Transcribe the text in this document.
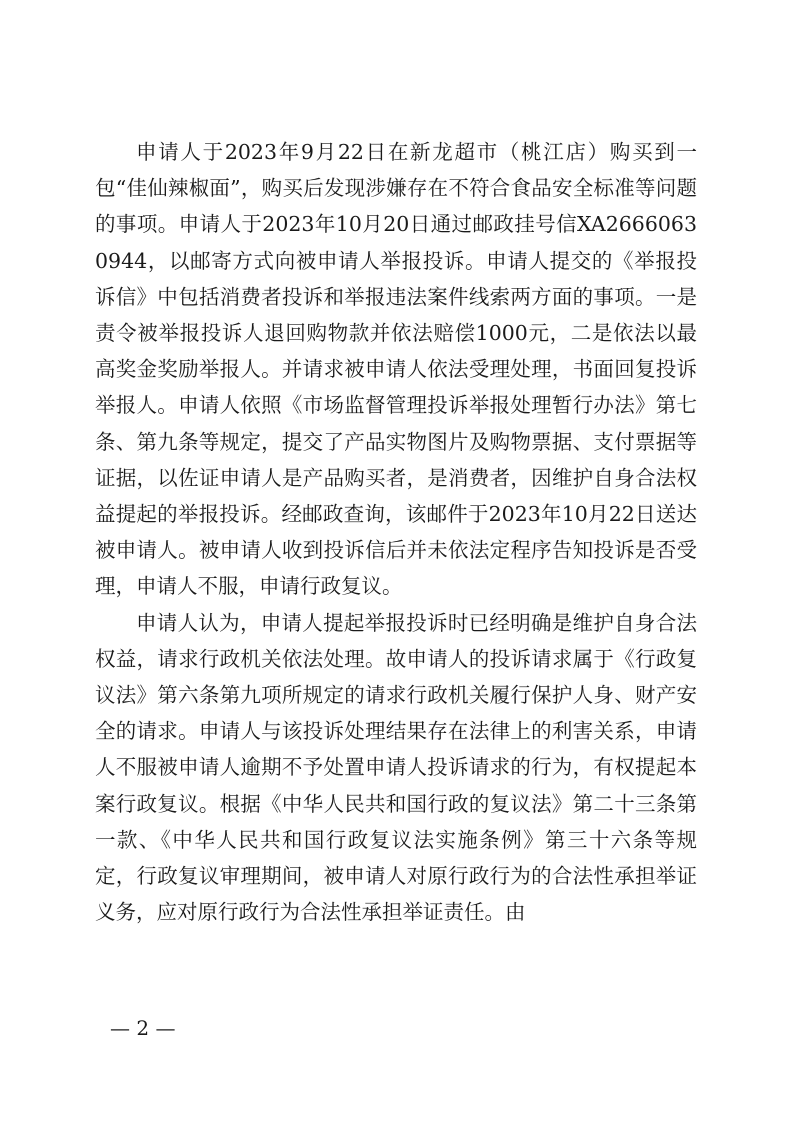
申请人于2023年9月22日在新龙超市（桃江店）购买到一包“佳仙辣椒面”，购买后发现涉嫌存在不符合食品安全标准等问题的事项。申请人于2023年10月20日通过邮政挂号信XA26660630944，以邮寄方式向被申请人举报投诉。申请人提交的《举报投诉信》中包括消费者投诉和举报违法案件线索两方面的事项。一是责令被举报投诉人退回购物款并依法赔偿1000元，二是依法以最高奖金奖励举报人。并请求被申请人依法受理处理，书面回复投诉举报人。申请人依照《市场监督管理投诉举报处理暂行办法》第七条、第九条等规定，提交了产品实物图片及购物票据、支付票据等证据，以佐证申请人是产品购买者，是消费者，因维护自身合法权益提起的举报投诉。经邮政查询，该邮件于2023年10月22日送达被申请人。被申请人收到投诉信后并未依法定程序告知投诉是否受理，申请人不服，申请行政复议。

申请人认为，申请人提起举报投诉时已经明确是维护自身合法权益，请求行政机关依法处理。故申请人的投诉请求属于《行政复议法》第六条第九项所规定的请求行政机关履行保护人身、财产安全的请求。申请人与该投诉处理结果存在法律上的利害关系，申请人不服被申请人逾期不予处置申请人投诉请求的行为，有权提起本案行政复议。根据《中华人民共和国行政的复议法》第二十三条第一款、《中华人民共和国行政复议法实施条例》第三十六条等规定，行政复议审理期间，被申请人对原行政行为的合法性承担举证义务，应对原行政行为合法性承担举证责任。由

— 2 —
